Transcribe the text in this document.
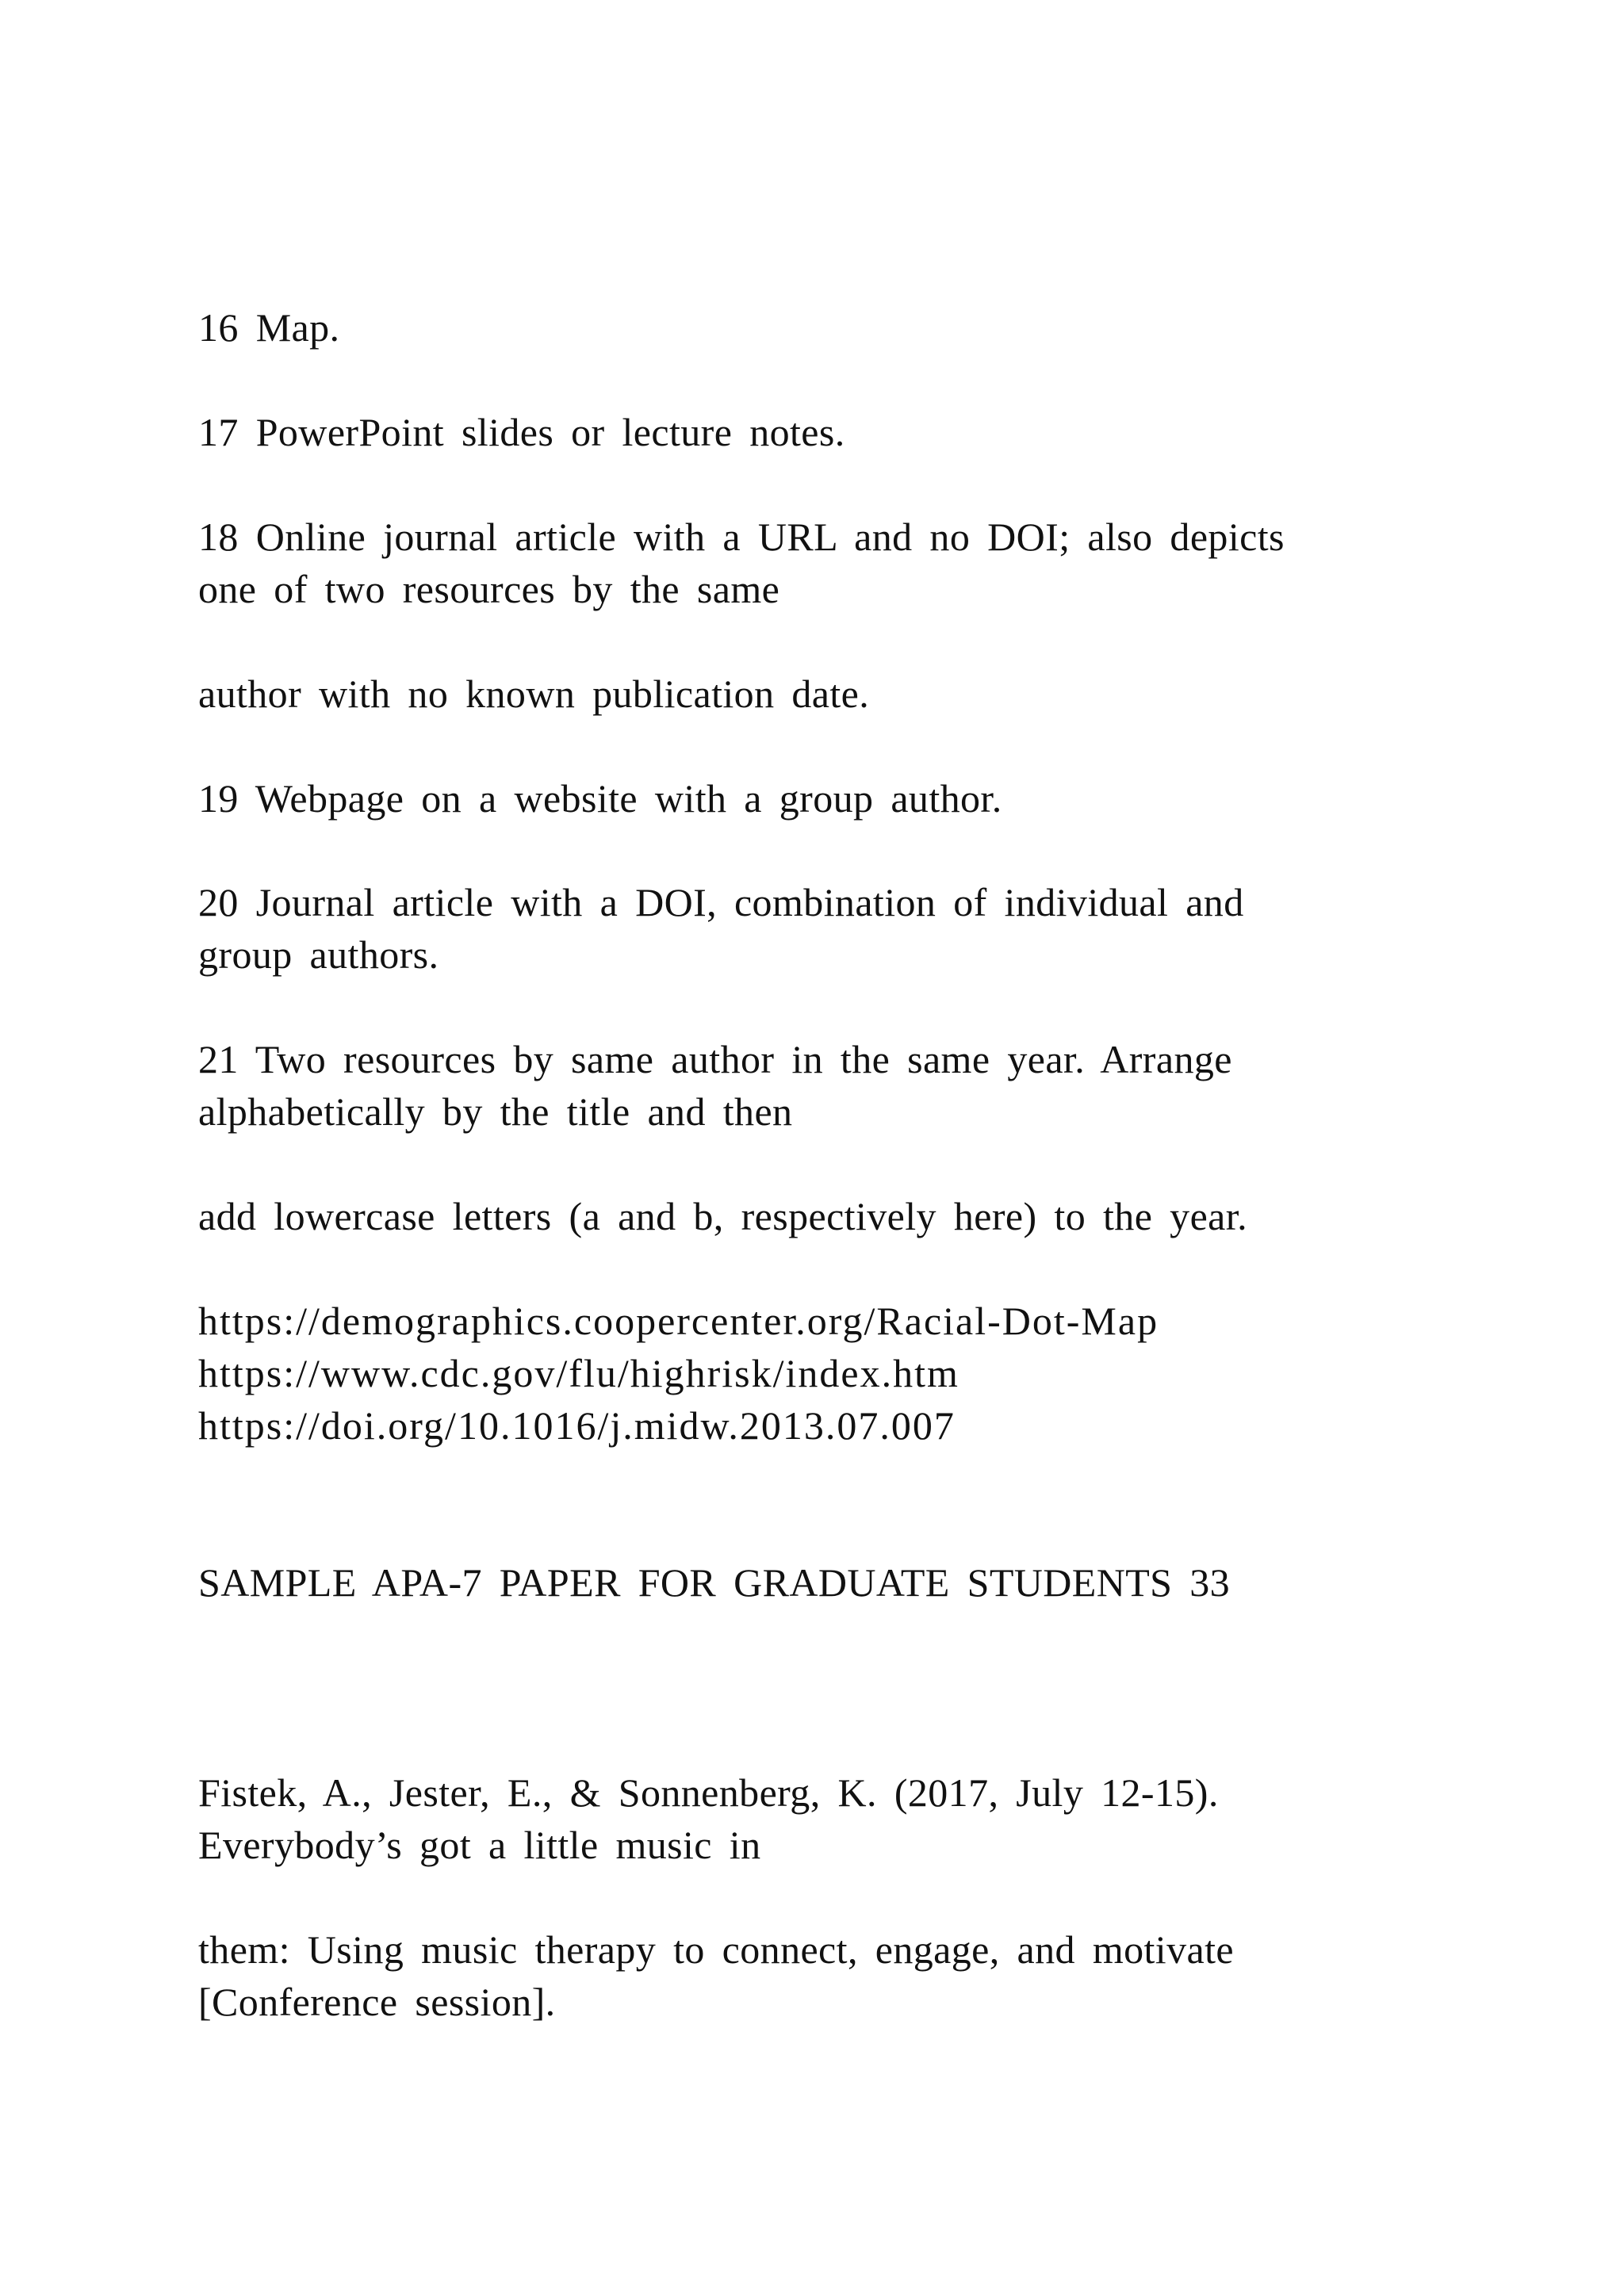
16 Map.

17 PowerPoint slides or lecture notes.

18 Online journal article with a URL and no DOI; also depicts

one of two resources by the same

author with no known publication date.

19 Webpage on a website with a group author.

20 Journal article with a DOI, combination of individual and

group authors.

21 Two resources by same author in the same year. Arrange

alphabetically by the title and then

add lowercase letters (a and b, respectively here) to the year.

https://demographics.coopercenter.org/Racial-Dot-Map

https://www.cdc.gov/flu/highrisk/index.htm

https://doi.org/10.1016/j.midw.2013.07.007

SAMPLE APA-7 PAPER FOR GRADUATE STUDENTS 33

Fistek, A., Jester, E., & Sonnenberg, K. (2017, July 12-15).

Everybody’s got a little music in

them: Using music therapy to connect, engage, and motivate

[Conference session].
